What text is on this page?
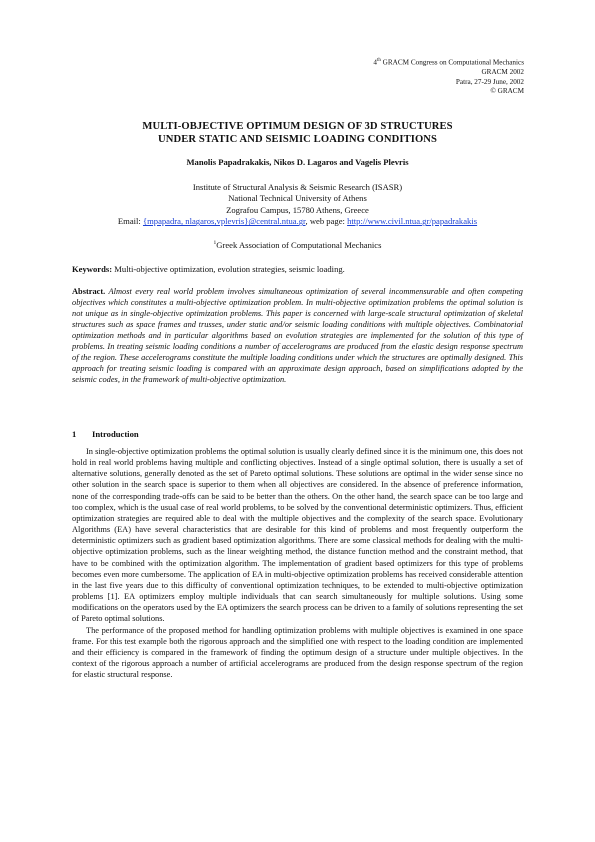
4th GRACM Congress on Computational Mechanics
GRACM 2002
Patra, 27-29 June, 2002
© GRACM
MULTI-OBJECTIVE OPTIMUM DESIGN OF 3D STRUCTURES
UNDER STATIC AND SEISMIC LOADING CONDITIONS
Manolis Papadrakakis, Nikos D. Lagaros and Vagelis Plevris
Institute of Structural Analysis & Seismic Research (ISASR)
National Technical University of Athens
Zografou Campus, 15780 Athens, Greece
Email: {mpapadra, nlagaros,vplevris}@central.ntua.gr, web page: http://www.civil.ntua.gr/papadrakakis
$^1$Greek Association of Computational Mechanics
Keywords: Multi-objective optimization, evolution strategies, seismic loading.
Abstract. Almost every real world problem involves simultaneous optimization of several incommensurable and often competing objectives which constitutes a multi-objective optimization problem. In multi-objective optimization problems the optimal solution is not unique as in single-objective optimization problems. This paper is concerned with large-scale structural optimization of skeletal structures such as space frames and trusses, under static and/or seismic loading conditions with multiple objectives. Combinatorial optimization methods and in particular algorithms based on evolution strategies are implemented for the solution of this type of problems. In treating seismic loading conditions a number of accelerograms are produced from the elastic design response spectrum of the region. These accelerograms constitute the multiple loading conditions under which the structures are optimally designed. This approach for treating seismic loading is compared with an approximate design approach, based on simplifications adopted by the seismic codes, in the framework of multi-objective optimization.
1 Introduction

In single-objective optimization problems the optimal solution is usually clearly defined since it is the minimum one, this does not hold in real world problems having multiple and conflicting objectives. Instead of a single optimal solution, there is usually a set of alternative solutions, generally denoted as the set of Pareto optimal solutions. These solutions are optimal in the wider sense since no other solution in the search space is superior to them when all objectives are considered. In the absence of preference information, none of the corresponding trade-offs can be said to be better than the others. On the other hand, the search space can be too large and too complex, which is the usual case of real world problems, to be solved by the conventional deterministic optimizers. Thus, efficient optimization strategies are required able to deal with the multiple objectives and the complexity of the search space. Evolutionary Algorithms (EA) have several characteristics that are desirable for this kind of problems and most frequently outperform the deterministic optimizers such as gradient based optimization algorithms. There are some classical methods for dealing with the multi-objective optimization problems, such as the linear weighting method, the distance function method and the constraint method, that have to be combined with the optimization algorithm. The implementation of gradient based optimizers for this type of problems becomes even more cumbersome. The application of EA in multi-objective optimization problems has received considerable attention in the last five years due to this difficulty of conventional optimization techniques, to be extended to multi-objective optimization problems [1]. EA optimizers employ multiple individuals that can search simultaneously for multiple solutions. Using some modifications on the operators used by the EA optimizers the search process can be driven to a family of solutions representing the set of Pareto optimal solutions.

The performance of the proposed method for handling optimization problems with multiple objectives is examined in one space frame. For this test example both the rigorous approach and the simplified one with respect to the loading condition are implemented and their efficiency is compared in the framework of finding the optimum design of a structure under multiple objectives. In the context of the rigorous approach a number of artificial accelerograms are produced from the design response spectrum of the region for elastic structural response.
